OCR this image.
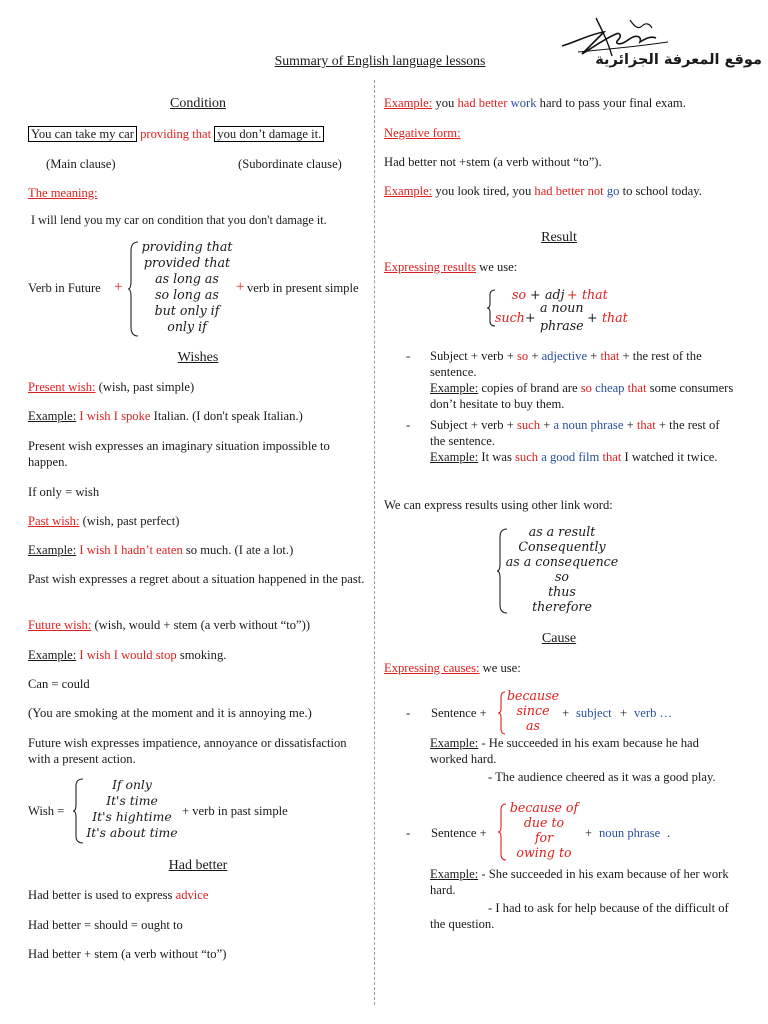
موقع المعرفة الجزائرية
Summary of English language lessons
Condition
You can take my car providing that you don’t damage it.
(Main clause)	(Subordinate clause)
The meaning:
I will lend you my car on condition that you don't damage it.
Verb in Future +
providing that
provided that
as long as
so long as
but only if
only if
+ verb in present simple
Wishes
Present wish: (wish, past simple)
Example: I wish I spoke Italian. (I don't speak Italian.)
Present wish expresses an imaginary situation impossible to happen.
If only = wish
Past wish: (wish, past perfect)
Example: I wish I hadn’t eaten so much. (I ate a lot.)
Past wish expresses a regret about a situation happened in the past.
Future wish: (wish, would + stem (a verb without “to”))
Example: I wish I would stop smoking.
Can = could
(You are smoking at the moment and it is annoying me.)
Future wish expresses impatience, annoyance or dissatisfaction with a present action.
Wish =
If only
It's time
It's hightime
It's about time
+ verb in past simple
Had better
Had better is used to express advice
Had better = should = ought to
Had better + stem (a verb without “to”)
Example: you had better work hard to pass your final exam.
Negative form:
Had better not +stem (a verb without “to”).
Example: you look tired, you had better not go to school today.
Result
Expressing results we use:
so + adj + that
a noun
such +
phrase
+ that
- Subject + verb + so + adjective + that + the rest of the sentence.
Example: copies of brand are so cheap that some consumers don’t hesitate to buy them.
- Subject + verb + such + a noun phrase + that + the rest of the sentence.
Example: It was such a good film that I watched it twice.
We can express results using other link word:
as a result
Consequently
as a consequence
so
thus
therefore
Cause
Expressing causes: we use:
- Sentence +
because
since
as
+ subject + verb …
Example: - He succeeded in his exam because he had worked hard.
- The audience cheered as it was a good play.
- Sentence +
because of
due to
for
owing to
+ noun phrase .
Example: - She succeeded in his exam because of her work hard.
- I had to ask for help because of the difficult of the question.
